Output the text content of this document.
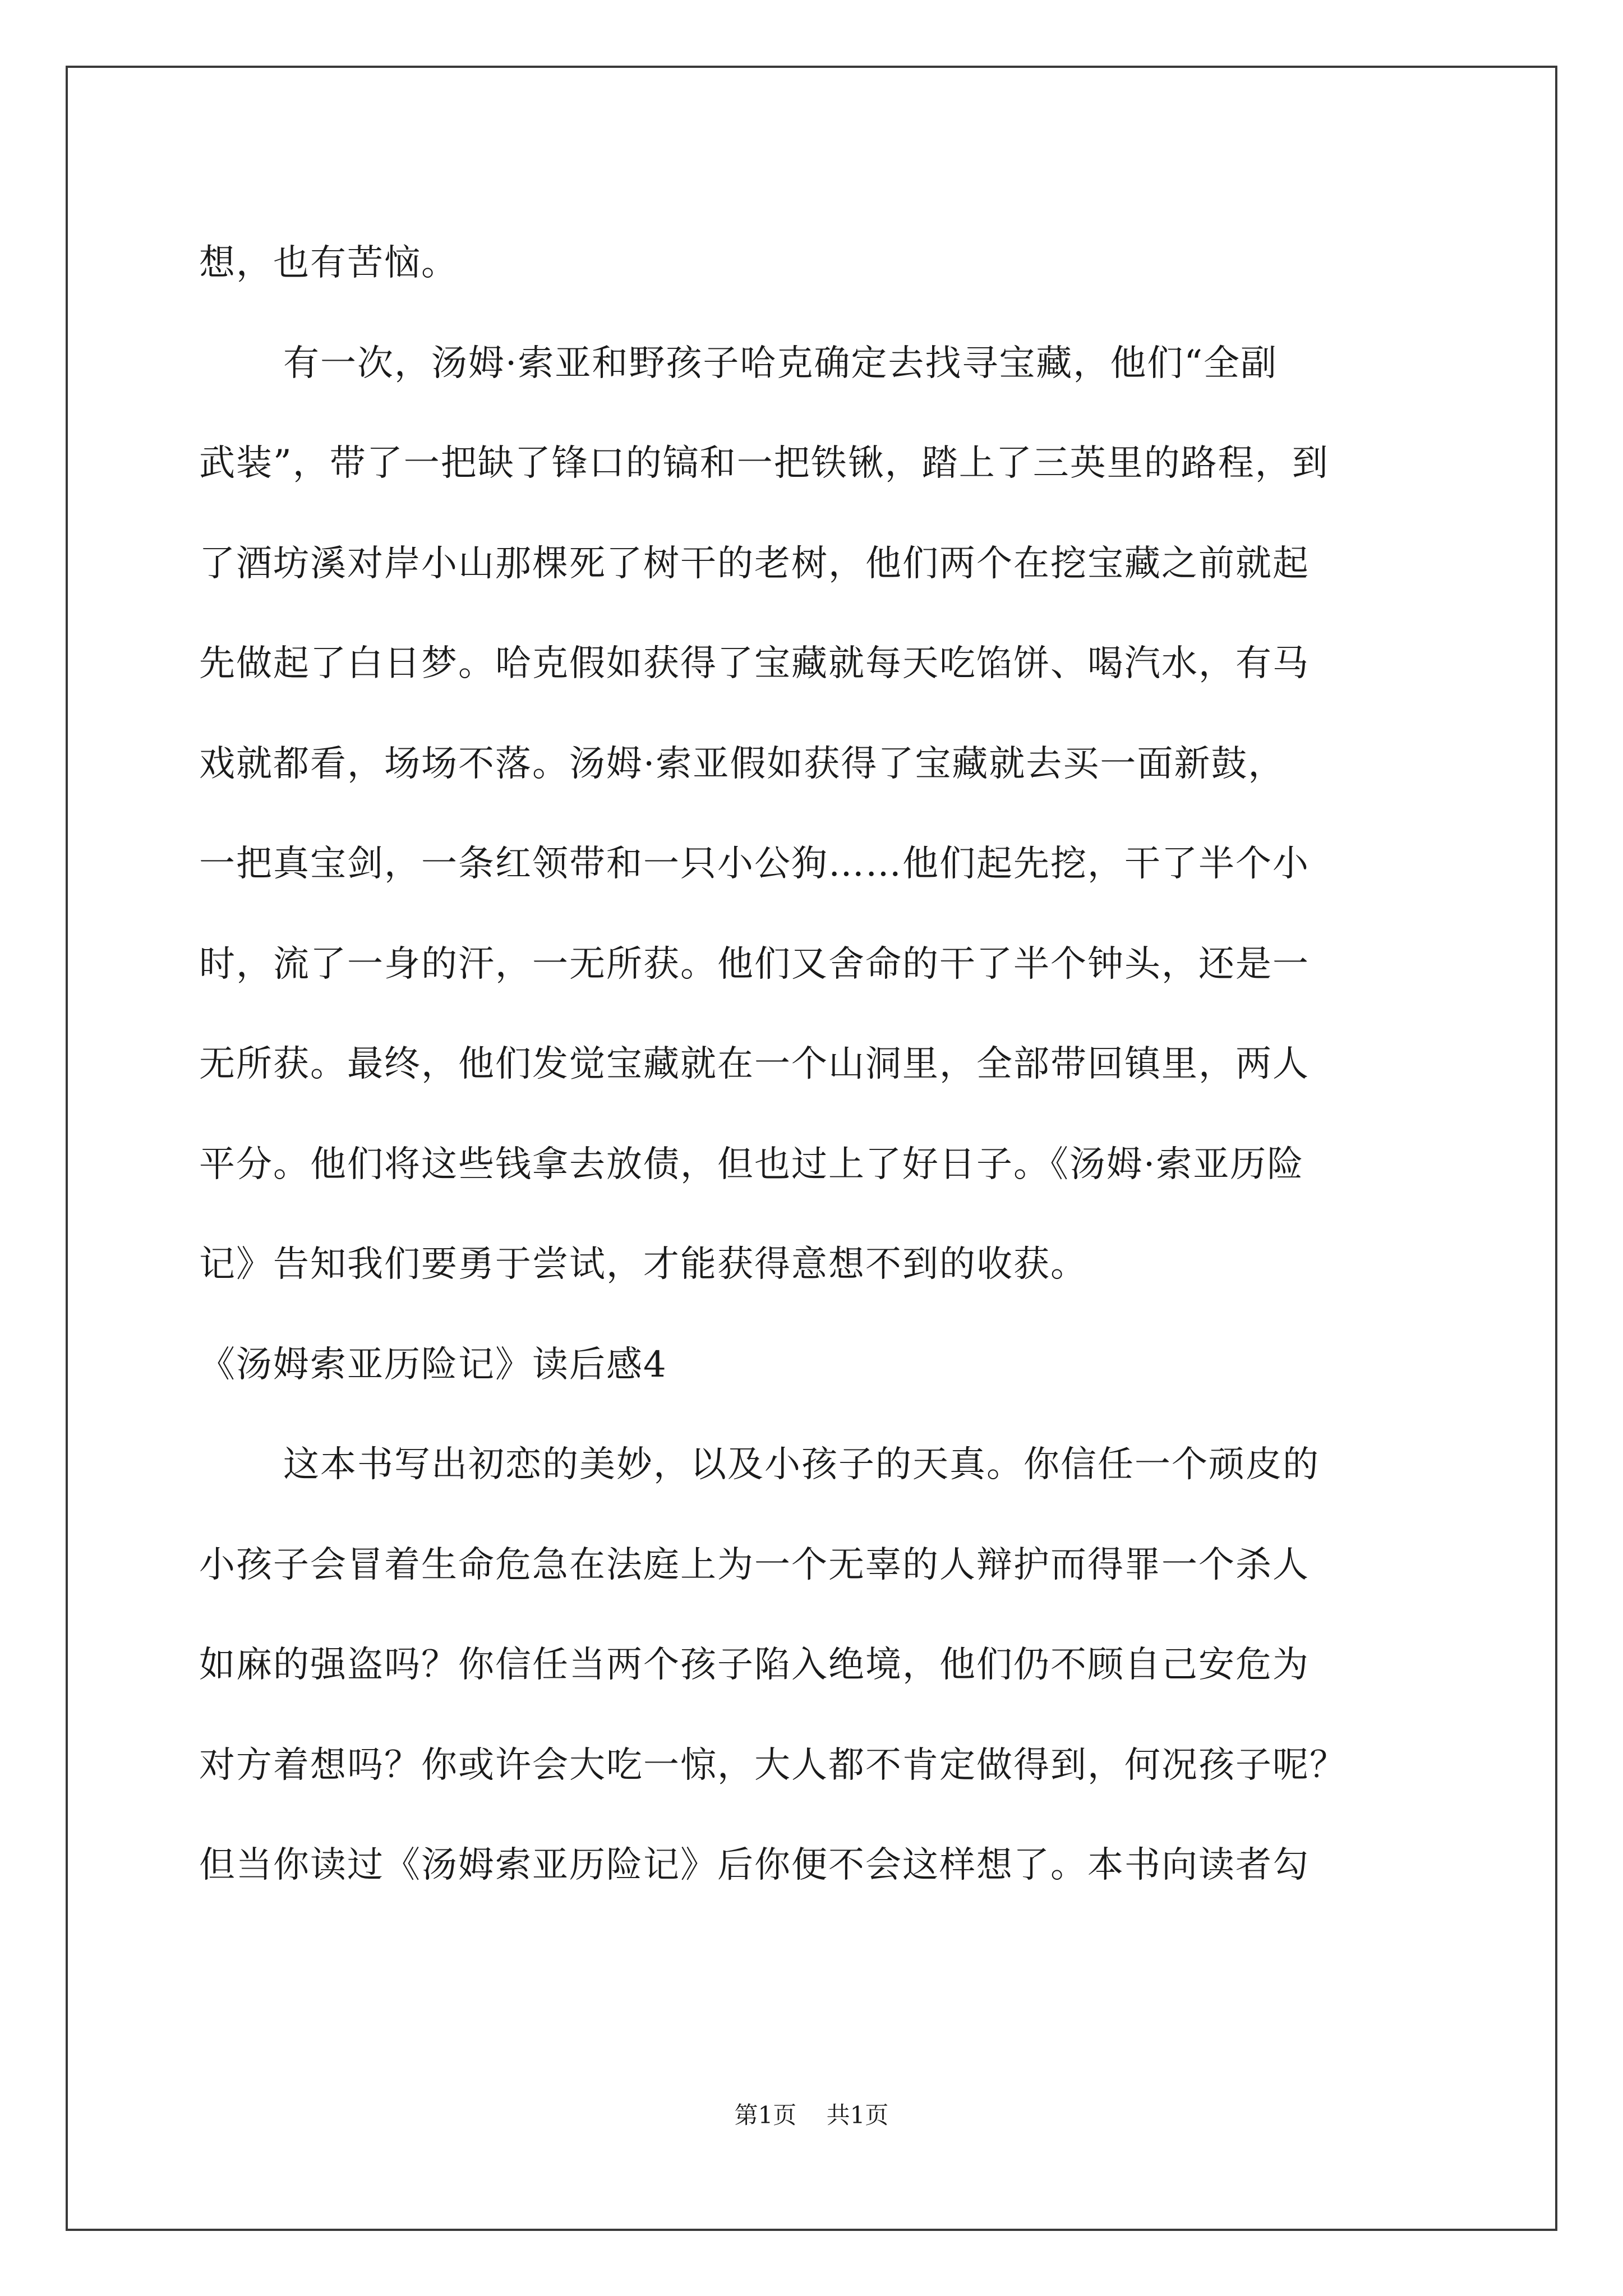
想，也有苦恼。
有一次，汤姆·索亚和野孩子哈克确定去找寻宝藏，他们“全副
武装”，带了一把缺了锋口的镐和一把铁锹，踏上了三英里的路程，到
了酒坊溪对岸小山那棵死了树干的老树，他们两个在挖宝藏之前就起
先做起了白日梦。哈克假如获得了宝藏就每天吃馅饼、喝汽水，有马
戏就都看，场场不落。汤姆·索亚假如获得了宝藏就去买一面新鼓，
一把真宝剑，一条红领带和一只小公狗……他们起先挖，干了半个小
时，流了一身的汗，一无所获。他们又舍命的干了半个钟头，还是一
无所获。最终，他们发觉宝藏就在一个山洞里，全部带回镇里，两人
平分。他们将这些钱拿去放债，但也过上了好日子。《汤姆·索亚历险
记》告知我们要勇于尝试，才能获得意想不到的收获。
《汤姆索亚历险记》读后感4
这本书写出初恋的美妙，以及小孩子的天真。你信任一个顽皮的
小孩子会冒着生命危急在法庭上为一个无辜的人辩护而得罪一个杀人
如麻的强盗吗？你信任当两个孩子陷入绝境，他们仍不顾自己安危为
对方着想吗？你或许会大吃一惊，大人都不肯定做得到，何况孩子呢？
但当你读过《汤姆索亚历险记》后你便不会这样想了。本书向读者勾
第1页 共1页
